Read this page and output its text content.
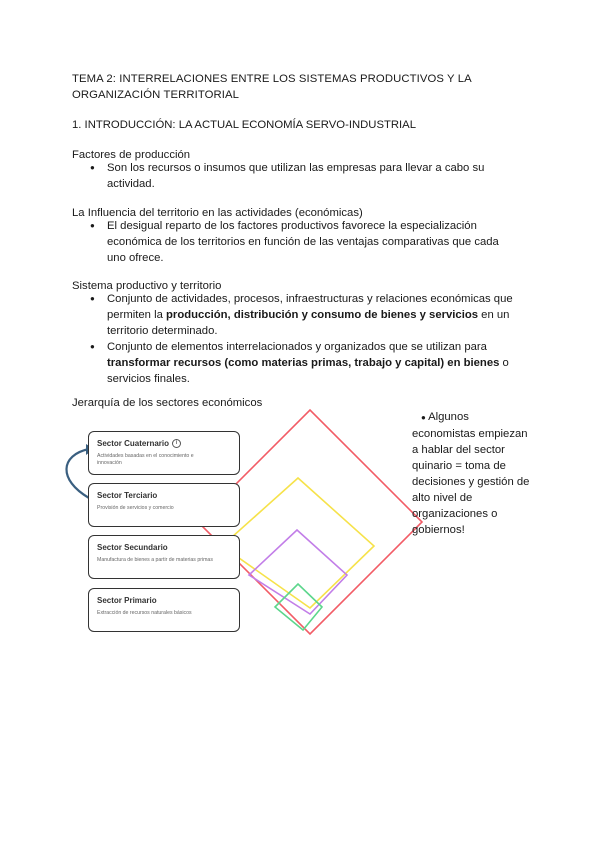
TEMA 2: INTERRELACIONES ENTRE LOS SISTEMAS PRODUCTIVOS Y LA ORGANIZACIÓN TERRITORIAL

1. INTRODUCCIÓN: LA ACTUAL ECONOMÍA SERVO-INDUSTRIAL

Factores de producción

● Son los recursos o insumos que utilizan las empresas para llevar a cabo su actividad.

La Influencia del territorio en las actividades (económicas)

● El desigual reparto de los factores productivos favorece la especialización económica de los territorios en función de las ventajas comparativas que cada uno ofrece.

Sistema productivo y territorio

● Conjunto de actividades, procesos, infraestructuras y relaciones económicas que permiten la producción, distribución y consumo de bienes y servicios en un territorio determinado.
● Conjunto de elementos interrelacionados y organizados que se utilizan para transformar recursos (como materias primas, trabajo y capital) en bienes o servicios finales.

Jerarquía de los sectores económicos

Sector Cuaternario i
Actividades basadas en el conocimiento e innovación
Sector Terciario
Provisión de servicios y comercio
Sector Secundario
Manufactura de bienes a partir de materias primas
Sector Primario
Extracción de recursos naturales básicos
● Algunos economistas empiezan a hablar del sector quinario = toma de decisiones y gestión de alto nivel de organizaciones o gobiernos!
